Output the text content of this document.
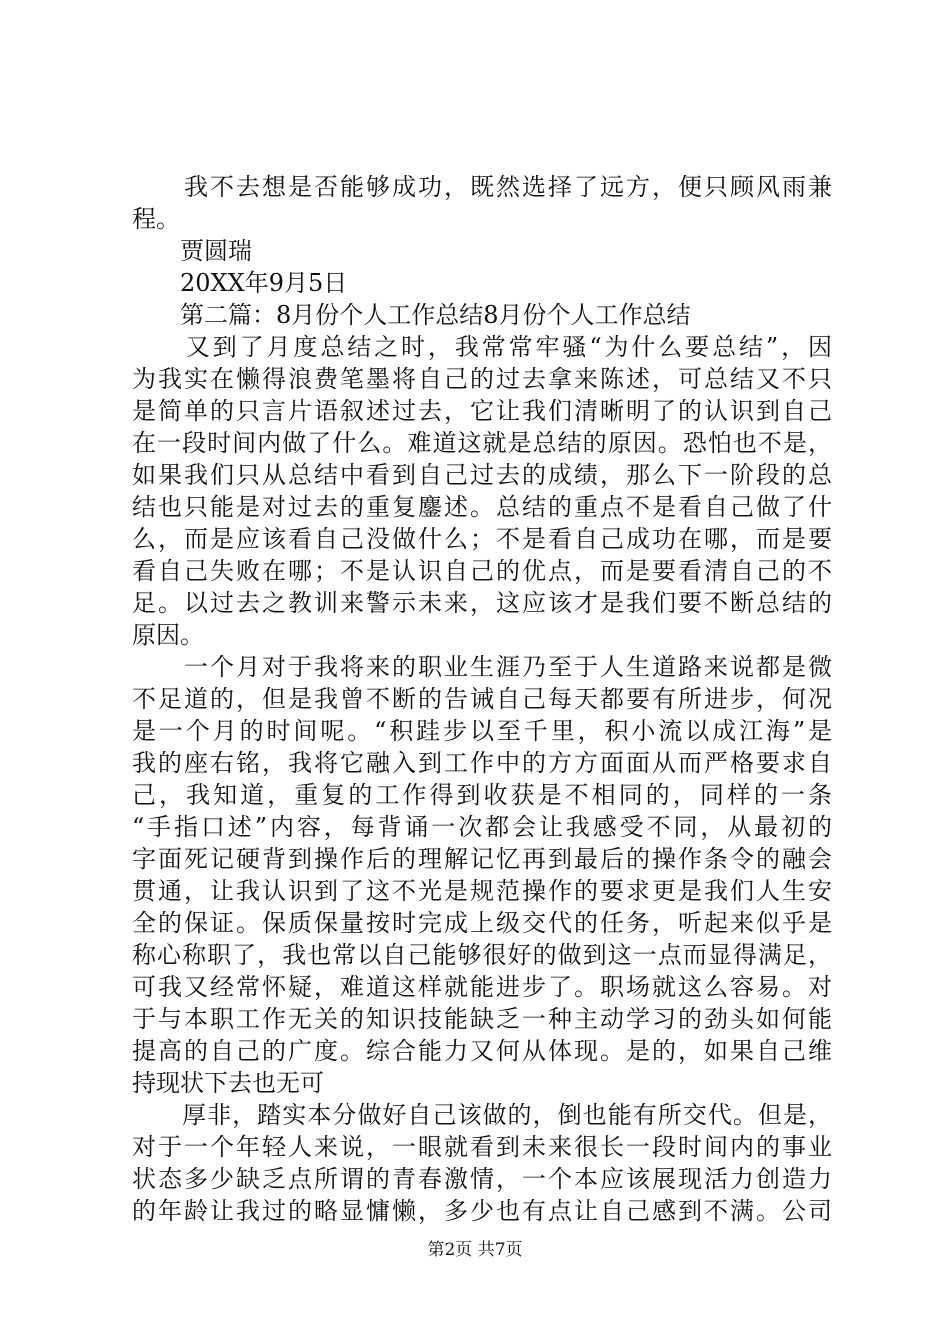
　　我不去想是否能够成功，既然选择了远方，便只顾风雨兼
程。
　　贾圆瑞
　　20XX年9月5日
　　第二篇：8月份个人工作总结8月份个人工作总结
　　又到了月度总结之时，我常常牢骚“为什么要总结”，因
为我实在懒得浪费笔墨将自己的过去拿来陈述，可总结又不只
是简单的只言片语叙述过去，它让我们清晰明了的认识到自己
在一段时间内做了什么。难道这就是总结的原因。恐怕也不是，
如果我们只从总结中看到自己过去的成绩，那么下一阶段的总
结也只能是对过去的重复鏖述。总结的重点不是看自己做了什
么，而是应该看自己没做什么；不是看自己成功在哪，而是要
看自己失败在哪；不是认识自己的优点，而是要看清自己的不
足。以过去之教训来警示未来，这应该才是我们要不断总结的
原因。
　　一个月对于我将来的职业生涯乃至于人生道路来说都是微
不足道的，但是我曾不断的告诫自己每天都要有所进步，何况
是一个月的时间呢。“积跬步以至千里，积小流以成江海”是
我的座右铭，我将它融入到工作中的方方面面从而严格要求自
己，我知道，重复的工作得到收获是不相同的，同样的一条
“手指口述”内容，每背诵一次都会让我感受不同，从最初的
字面死记硬背到操作后的理解记忆再到最后的操作条令的融会
贯通，让我认识到了这不光是规范操作的要求更是我们人生安
全的保证。保质保量按时完成上级交代的任务，听起来似乎是
称心称职了，我也常以自己能够很好的做到这一点而显得满足，
可我又经常怀疑，难道这样就能进步了。职场就这么容易。对
于与本职工作无关的知识技能缺乏一种主动学习的劲头如何能
提高的自己的广度。综合能力又何从体现。是的，如果自己维
持现状下去也无可
　　厚非，踏实本分做好自己该做的，倒也能有所交代。但是，
对于一个年轻人来说，一眼就看到未来很长一段时间内的事业
状态多少缺乏点所谓的青春激情，一个本应该展现活力创造力
的年龄让我过的略显慵懒，多少也有点让自己感到不满。公司
第2页 共7页
